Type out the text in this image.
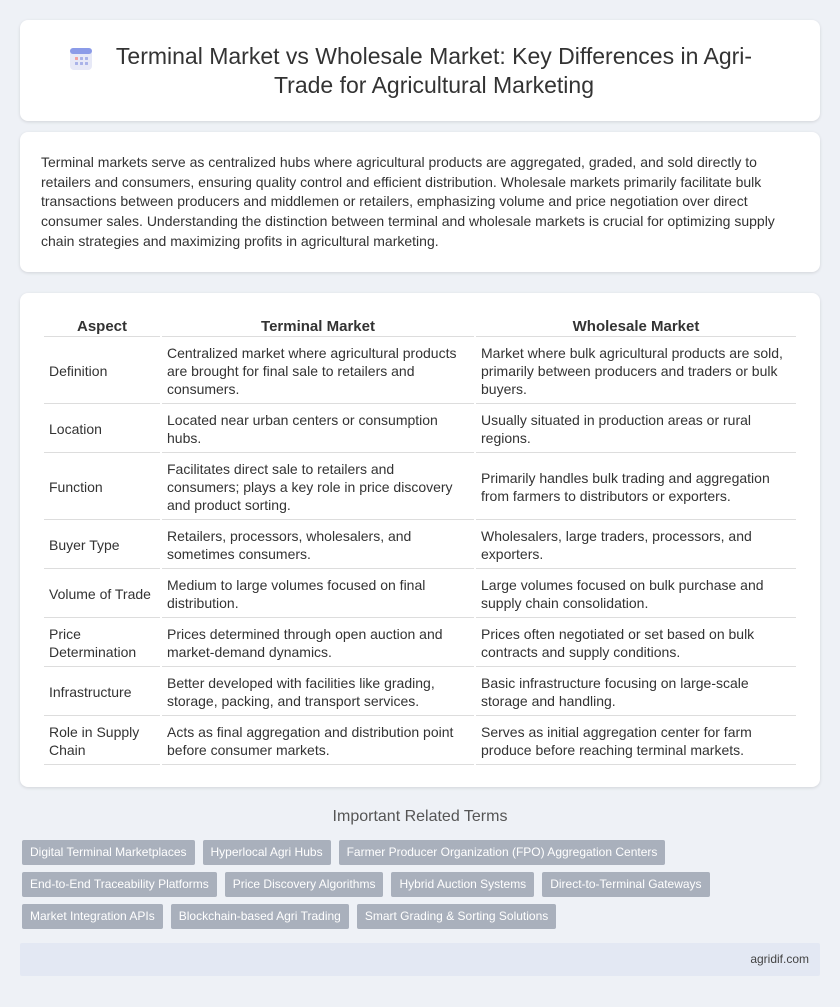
Terminal Market vs Wholesale Market: Key Differences in Agri-Trade for Agricultural Marketing

Terminal markets serve as centralized hubs where agricultural products are aggregated, graded, and sold directly to retailers and consumers, ensuring quality control and efficient distribution. Wholesale markets primarily facilitate bulk transactions between producers and middlemen or retailers, emphasizing volume and price negotiation over direct consumer sales. Understanding the distinction between terminal and wholesale markets is crucial for optimizing supply chain strategies and maximizing profits in agricultural marketing.

Aspect	Terminal Market	Wholesale Market
Definition	Centralized market where agricultural products are brought for final sale to retailers and consumers.	Market where bulk agricultural products are sold, primarily between producers and traders or bulk buyers.
Location	Located near urban centers or consumption hubs.	Usually situated in production areas or rural regions.
Function	Facilitates direct sale to retailers and consumers; plays a key role in price discovery and product sorting.	Primarily handles bulk trading and aggregation from farmers to distributors or exporters.
Buyer Type	Retailers, processors, wholesalers, and sometimes consumers.	Wholesalers, large traders, processors, and exporters.
Volume of Trade	Medium to large volumes focused on final distribution.	Large volumes focused on bulk purchase and supply chain consolidation.
Price Determination	Prices determined through open auction and market-demand dynamics.	Prices often negotiated or set based on bulk contracts and supply conditions.
Infrastructure	Better developed with facilities like grading, storage, packing, and transport services.	Basic infrastructure focusing on large-scale storage and handling.
Role in Supply Chain	Acts as final aggregation and distribution point before consumer markets.	Serves as initial aggregation center for farm produce before reaching terminal markets.
Important Related Terms
Digital Terminal Marketplaces	Hyperlocal Agri Hubs	Farmer Producer Organization (FPO) Aggregation Centers
End-to-End Traceability Platforms	Price Discovery Algorithms	Hybrid Auction Systems	Direct-to-Terminal Gateways
Market Integration APIs	Blockchain-based Agri Trading	Smart Grading & Sorting Solutions
agridif.com
